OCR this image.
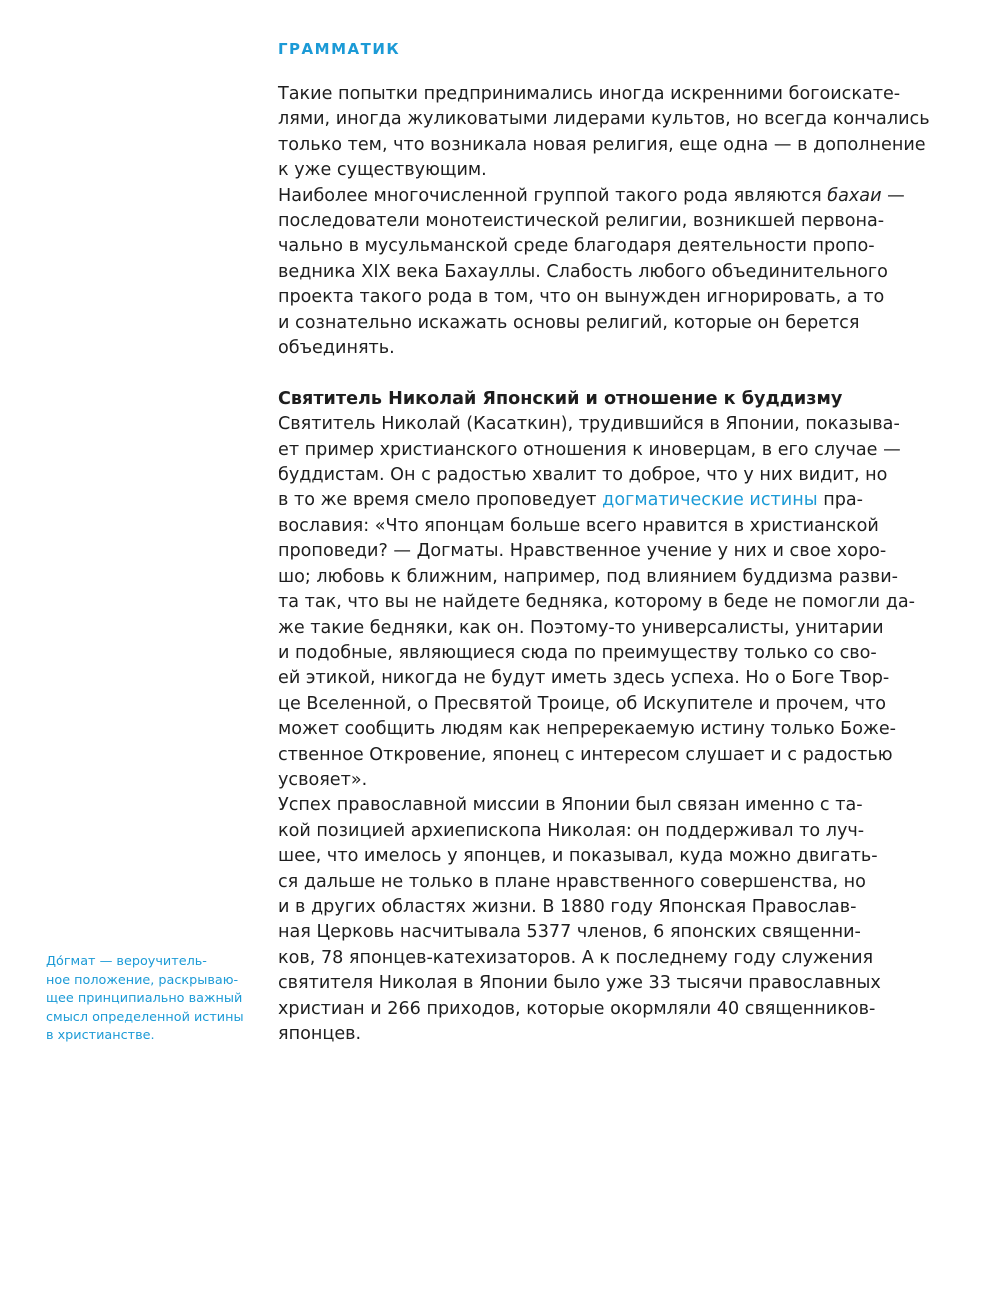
ГРАММАТИК
Такие попытки предпринимались иногда искренними богоискате-
лями, иногда жуликоватыми лидерами культов, но всегда кончались
только тем, что возникала новая религия, еще одна — в дополнение
к уже существующим.
Наиболее многочисленной группой такого рода являются бахаи —
последователи монотеистической религии, возникшей первона-
чально в мусульманской среде благодаря деятельности пропо-
ведника XIX века Бахауллы. Слабость любого объединительного
проекта такого рода в том, что он вынужден игнорировать, а то
и сознательно искажать основы религий, которые он берется
объединять.
Святитель Николай Японский и отношение к буддизму
Святитель Николай (Касаткин), трудившийся в Японии, показыва-
ет пример христианского отношения к иноверцам, в его случае —
буддистам. Он с радостью хвалит то доброе, что у них видит, но
в то же время смело проповедует догматические истины пра-
вославия: «Что японцам больше всего нравится в христианской
проповеди? — Догматы. Нравственное учение у них и свое хоро-
шо; любовь к ближним, например, под влиянием буддизма разви-
та так, что вы не найдете бедняка, которому в беде не помогли да-
же такие бедняки, как он. Поэтому-то универсалисты, унитарии
и подобные, являющиеся сюда по преимуществу только со сво-
ей этикой, никогда не будут иметь здесь успеха. Но о Боге Твор-
це Вселенной, о Пресвятой Троице, об Искупителе и прочем, что
может сообщить людям как непререкаемую истину только Боже-
ственное Откровение, японец с интересом слушает и с радостью
усвояет».
Успех православной миссии в Японии был связан именно с та-
кой позицией архиепископа Николая: он поддерживал то луч-
шее, что имелось у японцев, и показывал, куда можно двигать-
ся дальше не только в плане нравственного совершенства, но
и в других областях жизни. В 1880 году Японская Православ-
ная Церковь насчитывала 5377 членов, 6 японских священни-
ков, 78 японцев-катехизаторов. А к последнему году служения
святителя Николая в Японии было уже 33 тысячи православных
христиан и 266 приходов, которые окормляли 40 священников-
японцев.
До́гмат — вероучитель-
ное положение, раскрываю-
щее принципиально важный
смысл определенной истины
в христианстве.
